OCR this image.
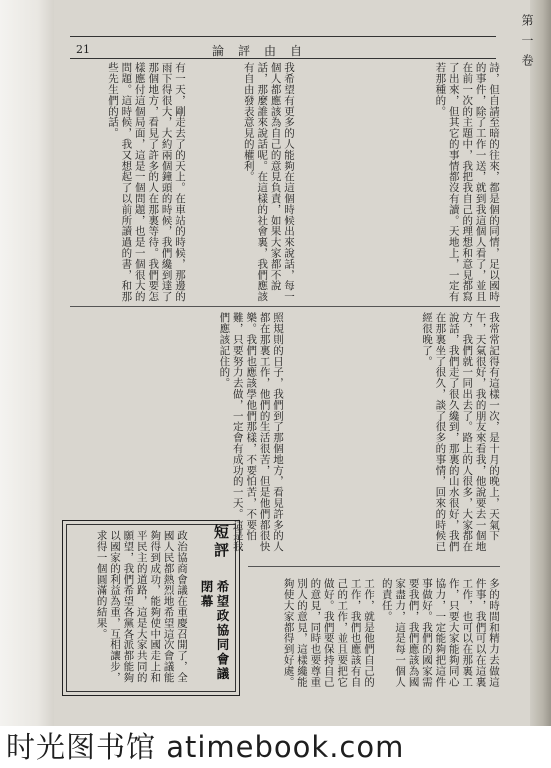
21	論評由自	第一卷
詩，但自請至暗的往來，都是個的同情，足以國時的事件，除了工作一送，就到我這個人看了，並且在前一次的主題中，我把我自己的理想和意見都寫了出來，但其它的事情都沒有讀。天地上，一定有若那種的。
我希望有更多的人能夠在這個時候出來說話，每一個人都應該為自己的意見負責，如果大家都不說話，那麼誰來說話呢。在這樣的社會裏，我們應該有自由發表意見的權利。
有一天，剛走去了的天上。在車站的時候，那邊的雨下得很大，大約兩個鐘頭的時候，我們纔到達了那個地方，看見了許多的人在那裏等待。我們要怎樣應付這個局面，這是一個問題，也是一個很大的問題。這時候，我又想起了以前所讀過的書，和那些先生們的話。
我常常記得有這樣一次，是十月的晚上，天氣下午，天氣很好，我的朋友來看我，他說要去一個地方，我們就一同出去了。路上的人很多，大家都在說話，我們走了很久纔到，那裏的山水很好，我們在那裏坐了很久，談了很多的事情，回來的時候已經很晚了。
照規則的日子，我們到了那個地方，看見許多的人都在那裏工作，他們的生活很苦，但是他們都很快樂。我們也應該學他們那樣，不要怕苦，不要怕難，只要努力去做，一定會有成功的一天。這是我們應該記住的。
多的時間和精力去做這件事，我們可以在這裏工作，也可以在那裏工作，只要大家能夠同心協力，一定能夠把這件事做好。我們的國家需要我們，我們應該為國家盡力，這是每一個人的責任。
工作，就是他們自己的工作，我們也應該有自己的工作，並且要把它做好。我們要保持自己的意見，同時也要尊重別人的意見，這樣纔能夠使大家都得到好處。
政治協商會議在重慶召開了，全國人民都熱烈地希望這次會議能夠得到成功，能夠使中國走上和平民主的道路，這是大家共同的願望，我們希望各黨各派都能夠以國家的利益為重，互相讓步，求得一個圓滿的結果。	短評
希望政協同會議閉幕
时光图书馆 atimebook.com
